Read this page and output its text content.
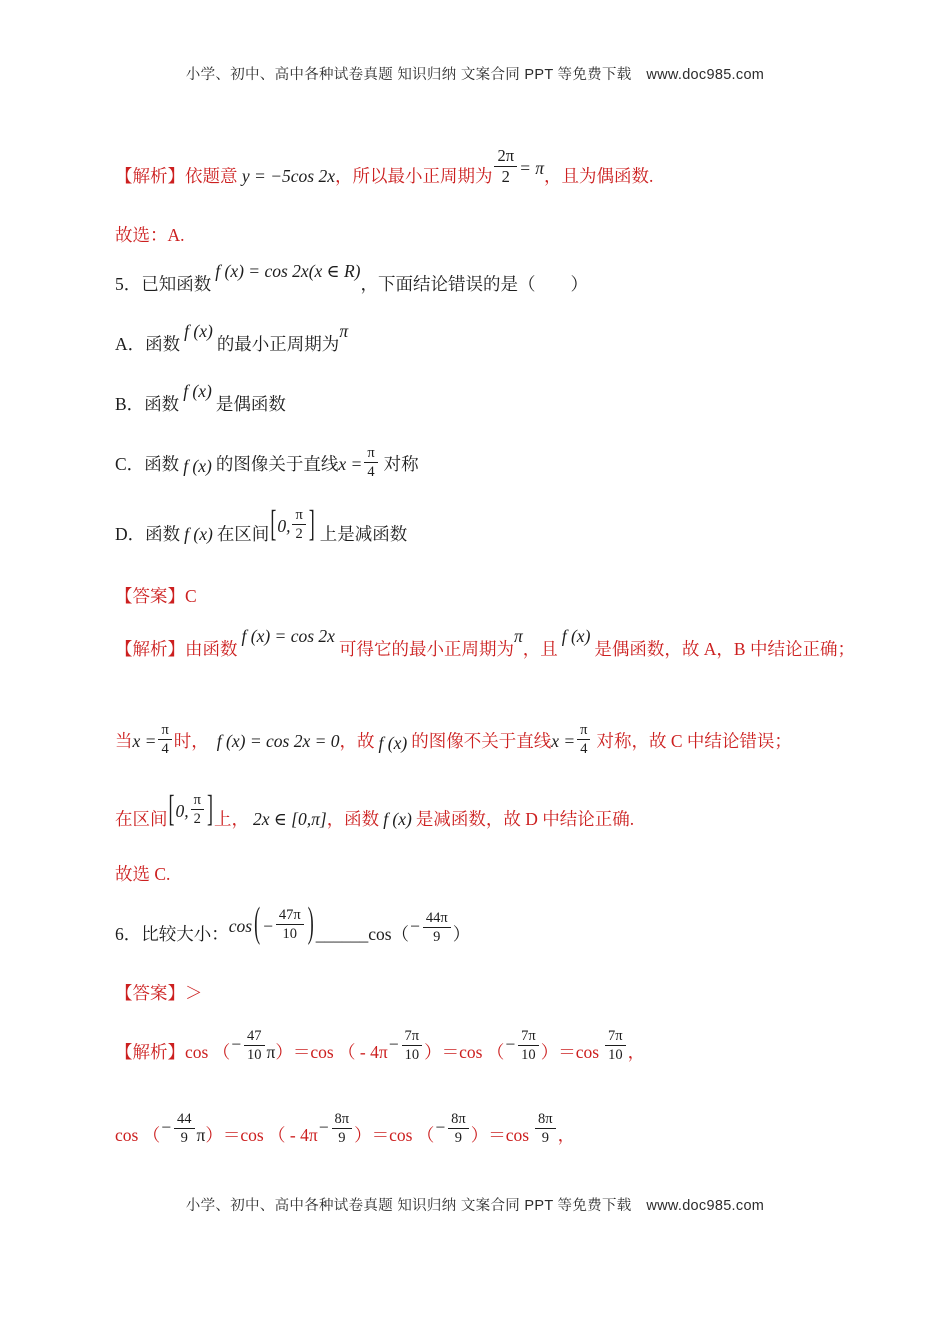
小学、初中、高中各种试卷真题 知识归纳 文案合同 PPT 等免费下载　www.doc985.com
【解析】依题意 y = −5cos 2x，所以最小正周期为 $\frac{2\pi}{2} = \pi$，且为偶函数.
故选：A.
5．已知函数f (x) = cos 2x(x ∈ R)，下面结论错误的是（　　）
A．函数f (x)的最小正周期为π
B．函数f (x)是偶函数
C．函数 f (x) 的图像关于直线$x = \frac{\pi}{4}$ 对称
D．函数 f (x) 在区间[0, $\frac{\pi}{2}$ ] 上是减函数
【答案】C
【解析】由函数f (x) = cos 2x可得它的最小正周期为π，且f (x)是偶函数，故 A，B 中结论正确；
当$x = \frac{\pi}{4}$ 时， f (x) = cos 2x = 0，故 f (x) 的图像不关于直线$x = \frac{\pi}{4}$ 对称，故 C 中结论错误；
在区间[0, $\frac{\pi}{2}$ ]上， 2x ∈ [0,π]，函数 f (x) 是减函数，故 D 中结论正确.
故选 C.
6．比较大小：cos ( − $\frac{47\pi}{10}$ ) ______cos（− $\frac{44\pi}{9}$ ）
【答案】＞
【解析】cos （− $\frac{47}{10} \pi)=\cos$ （ - $4\pi- \frac{7\pi}{10} )=\cos$ （− $\frac{7\pi}{10} )=\cos \frac{7\pi}{10}$ ，
cos （− $\frac{44}{9} \pi)=\cos$ （ - $4\pi- \frac{8\pi}{9} )=\cos$ （− $\frac{8\pi}{9} )=\cos \frac{8\pi}{9}$ ，
小学、初中、高中各种试卷真题 知识归纳 文案合同 PPT 等免费下载　www.doc985.com
